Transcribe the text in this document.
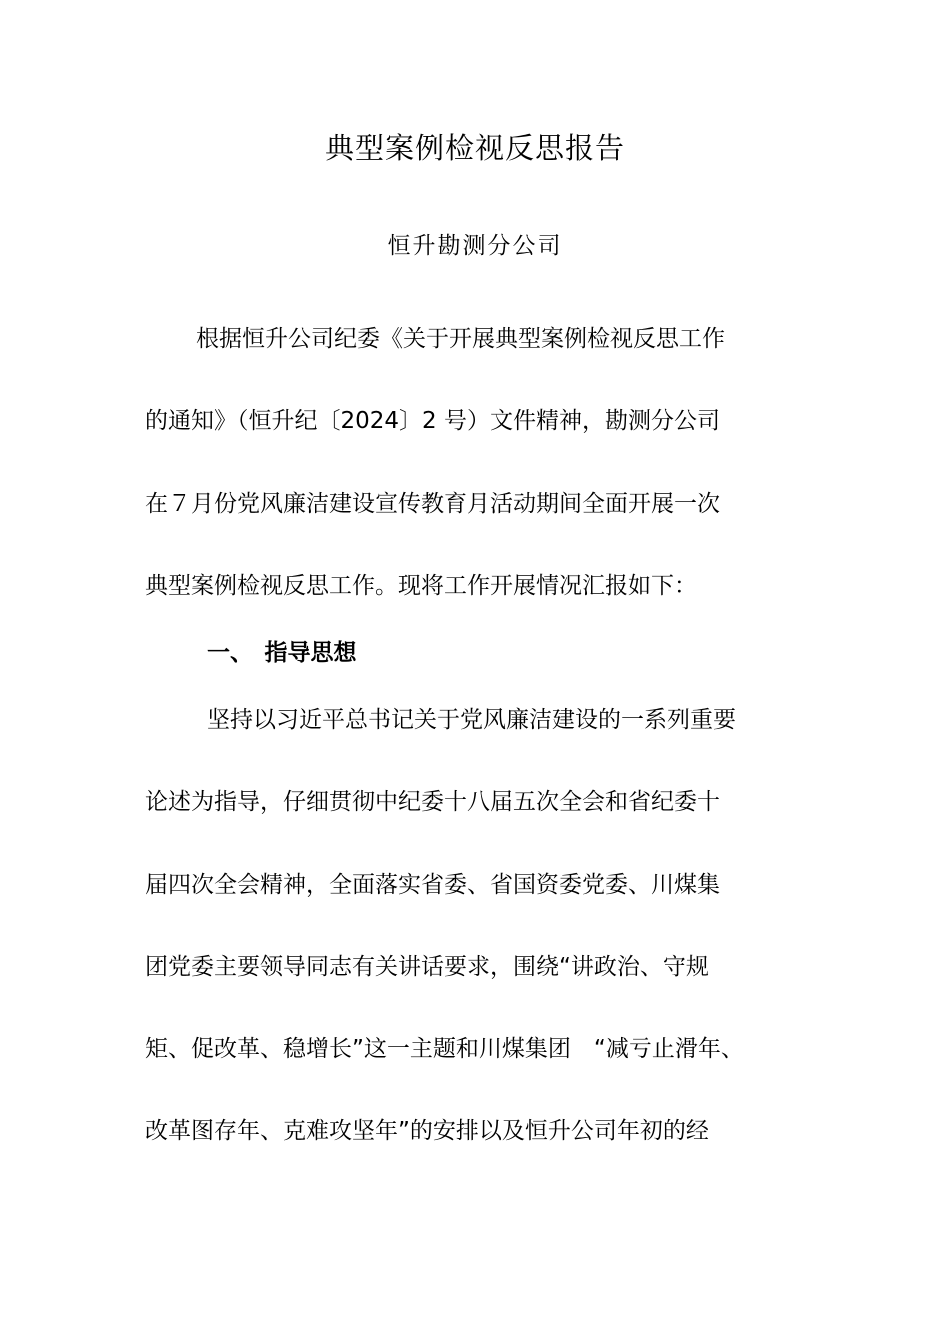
典型案例检视反思报告
恒升勘测分公司
根据恒升公司纪委《关于开展典型案例检视反思工作
的通知》（恒升纪〔2024〕2 号）文件精神，勘测分公司
在７月份党风廉洁建设宣传教育月活动期间全面开展一次
典型案例检视反思工作。现将工作开展情况汇报如下：
一、　指导思想
坚持以习近平总书记关于党风廉洁建设的一系列重要
论述为指导，仔细贯彻中纪委十八届五次全会和省纪委十
届四次全会精神，全面落实省委、省国资委党委、川煤集
团党委主要领导同志有关讲话要求，围绕“讲政治、守规
矩、促改革、稳增长”这一主题和川煤集团　“减亏止滑年、
改革图存年、克难攻坚年”的安排以及恒升公司年初的经
